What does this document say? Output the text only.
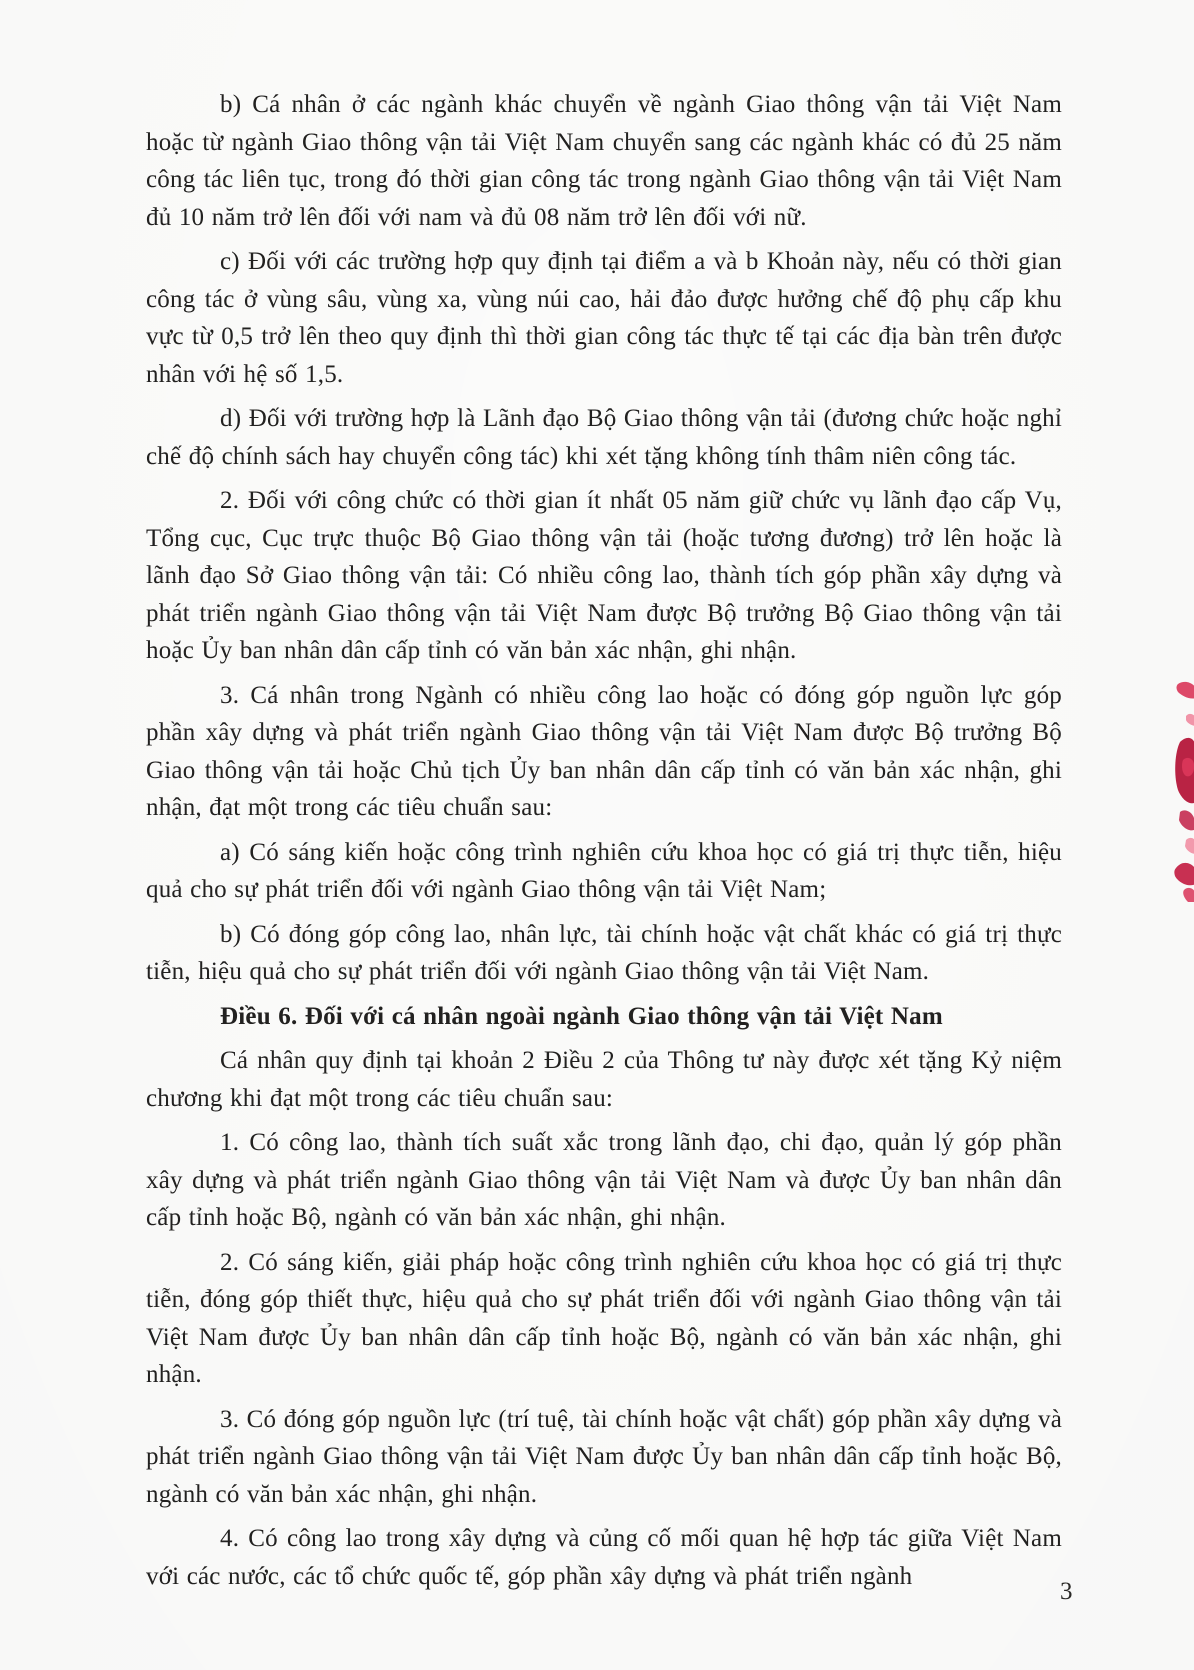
b) Cá nhân ở các ngành khác chuyển về ngành Giao thông vận tải Việt Nam hoặc từ ngành Giao thông vận tải Việt Nam chuyển sang các ngành khác có đủ 25 năm công tác liên tục, trong đó thời gian công tác trong ngành Giao thông vận tải Việt Nam đủ 10 năm trở lên đối với nam và đủ 08 năm trở lên đối với nữ.

c) Đối với các trường hợp quy định tại điểm a và b Khoản này, nếu có thời gian công tác ở vùng sâu, vùng xa, vùng núi cao, hải đảo được hưởng chế độ phụ cấp khu vực từ 0,5 trở lên theo quy định thì thời gian công tác thực tế tại các địa bàn trên được nhân với hệ số 1,5.

d) Đối với trường hợp là Lãnh đạo Bộ Giao thông vận tải (đương chức hoặc nghỉ chế độ chính sách hay chuyển công tác) khi xét tặng không tính thâm niên công tác.

2. Đối với công chức có thời gian ít nhất 05 năm giữ chức vụ lãnh đạo cấp Vụ, Tổng cục, Cục trực thuộc Bộ Giao thông vận tải (hoặc tương đương) trở lên hoặc là lãnh đạo Sở Giao thông vận tải: Có nhiều công lao, thành tích góp phần xây dựng và phát triển ngành Giao thông vận tải Việt Nam được Bộ trưởng Bộ Giao thông vận tải hoặc Ủy ban nhân dân cấp tỉnh có văn bản xác nhận, ghi nhận.

3. Cá nhân trong Ngành có nhiều công lao hoặc có đóng góp nguồn lực góp phần xây dựng và phát triển ngành Giao thông vận tải Việt Nam được Bộ trưởng Bộ Giao thông vận tải hoặc Chủ tịch Ủy ban nhân dân cấp tỉnh có văn bản xác nhận, ghi nhận, đạt một trong các tiêu chuẩn sau:

a) Có sáng kiến hoặc công trình nghiên cứu khoa học có giá trị thực tiễn, hiệu quả cho sự phát triển đối với ngành Giao thông vận tải Việt Nam;

b) Có đóng góp công lao, nhân lực, tài chính hoặc vật chất khác có giá trị thực tiễn, hiệu quả cho sự phát triển đối với ngành Giao thông vận tải Việt Nam.

Điều 6. Đối với cá nhân ngoài ngành Giao thông vận tải Việt Nam

Cá nhân quy định tại khoản 2 Điều 2 của Thông tư này được xét tặng Kỷ niệm chương khi đạt một trong các tiêu chuẩn sau:

1. Có công lao, thành tích suất xắc trong lãnh đạo, chi đạo, quản lý góp phần xây dựng và phát triển ngành Giao thông vận tải Việt Nam và được Ủy ban nhân dân cấp tỉnh hoặc Bộ, ngành có văn bản xác nhận, ghi nhận.

2. Có sáng kiến, giải pháp hoặc công trình nghiên cứu khoa học có giá trị thực tiễn, đóng góp thiết thực, hiệu quả cho sự phát triển đối với ngành Giao thông vận tải Việt Nam được Ủy ban nhân dân cấp tỉnh hoặc Bộ, ngành có văn bản xác nhận, ghi nhận.

3. Có đóng góp nguồn lực (trí tuệ, tài chính hoặc vật chất) góp phần xây dựng và phát triển ngành Giao thông vận tải Việt Nam được Ủy ban nhân dân cấp tỉnh hoặc Bộ, ngành có văn bản xác nhận, ghi nhận.

4. Có công lao trong xây dựng và củng cố mối quan hệ hợp tác giữa Việt Nam với các nước, các tổ chức quốc tế, góp phần xây dựng và phát triển ngành

3
